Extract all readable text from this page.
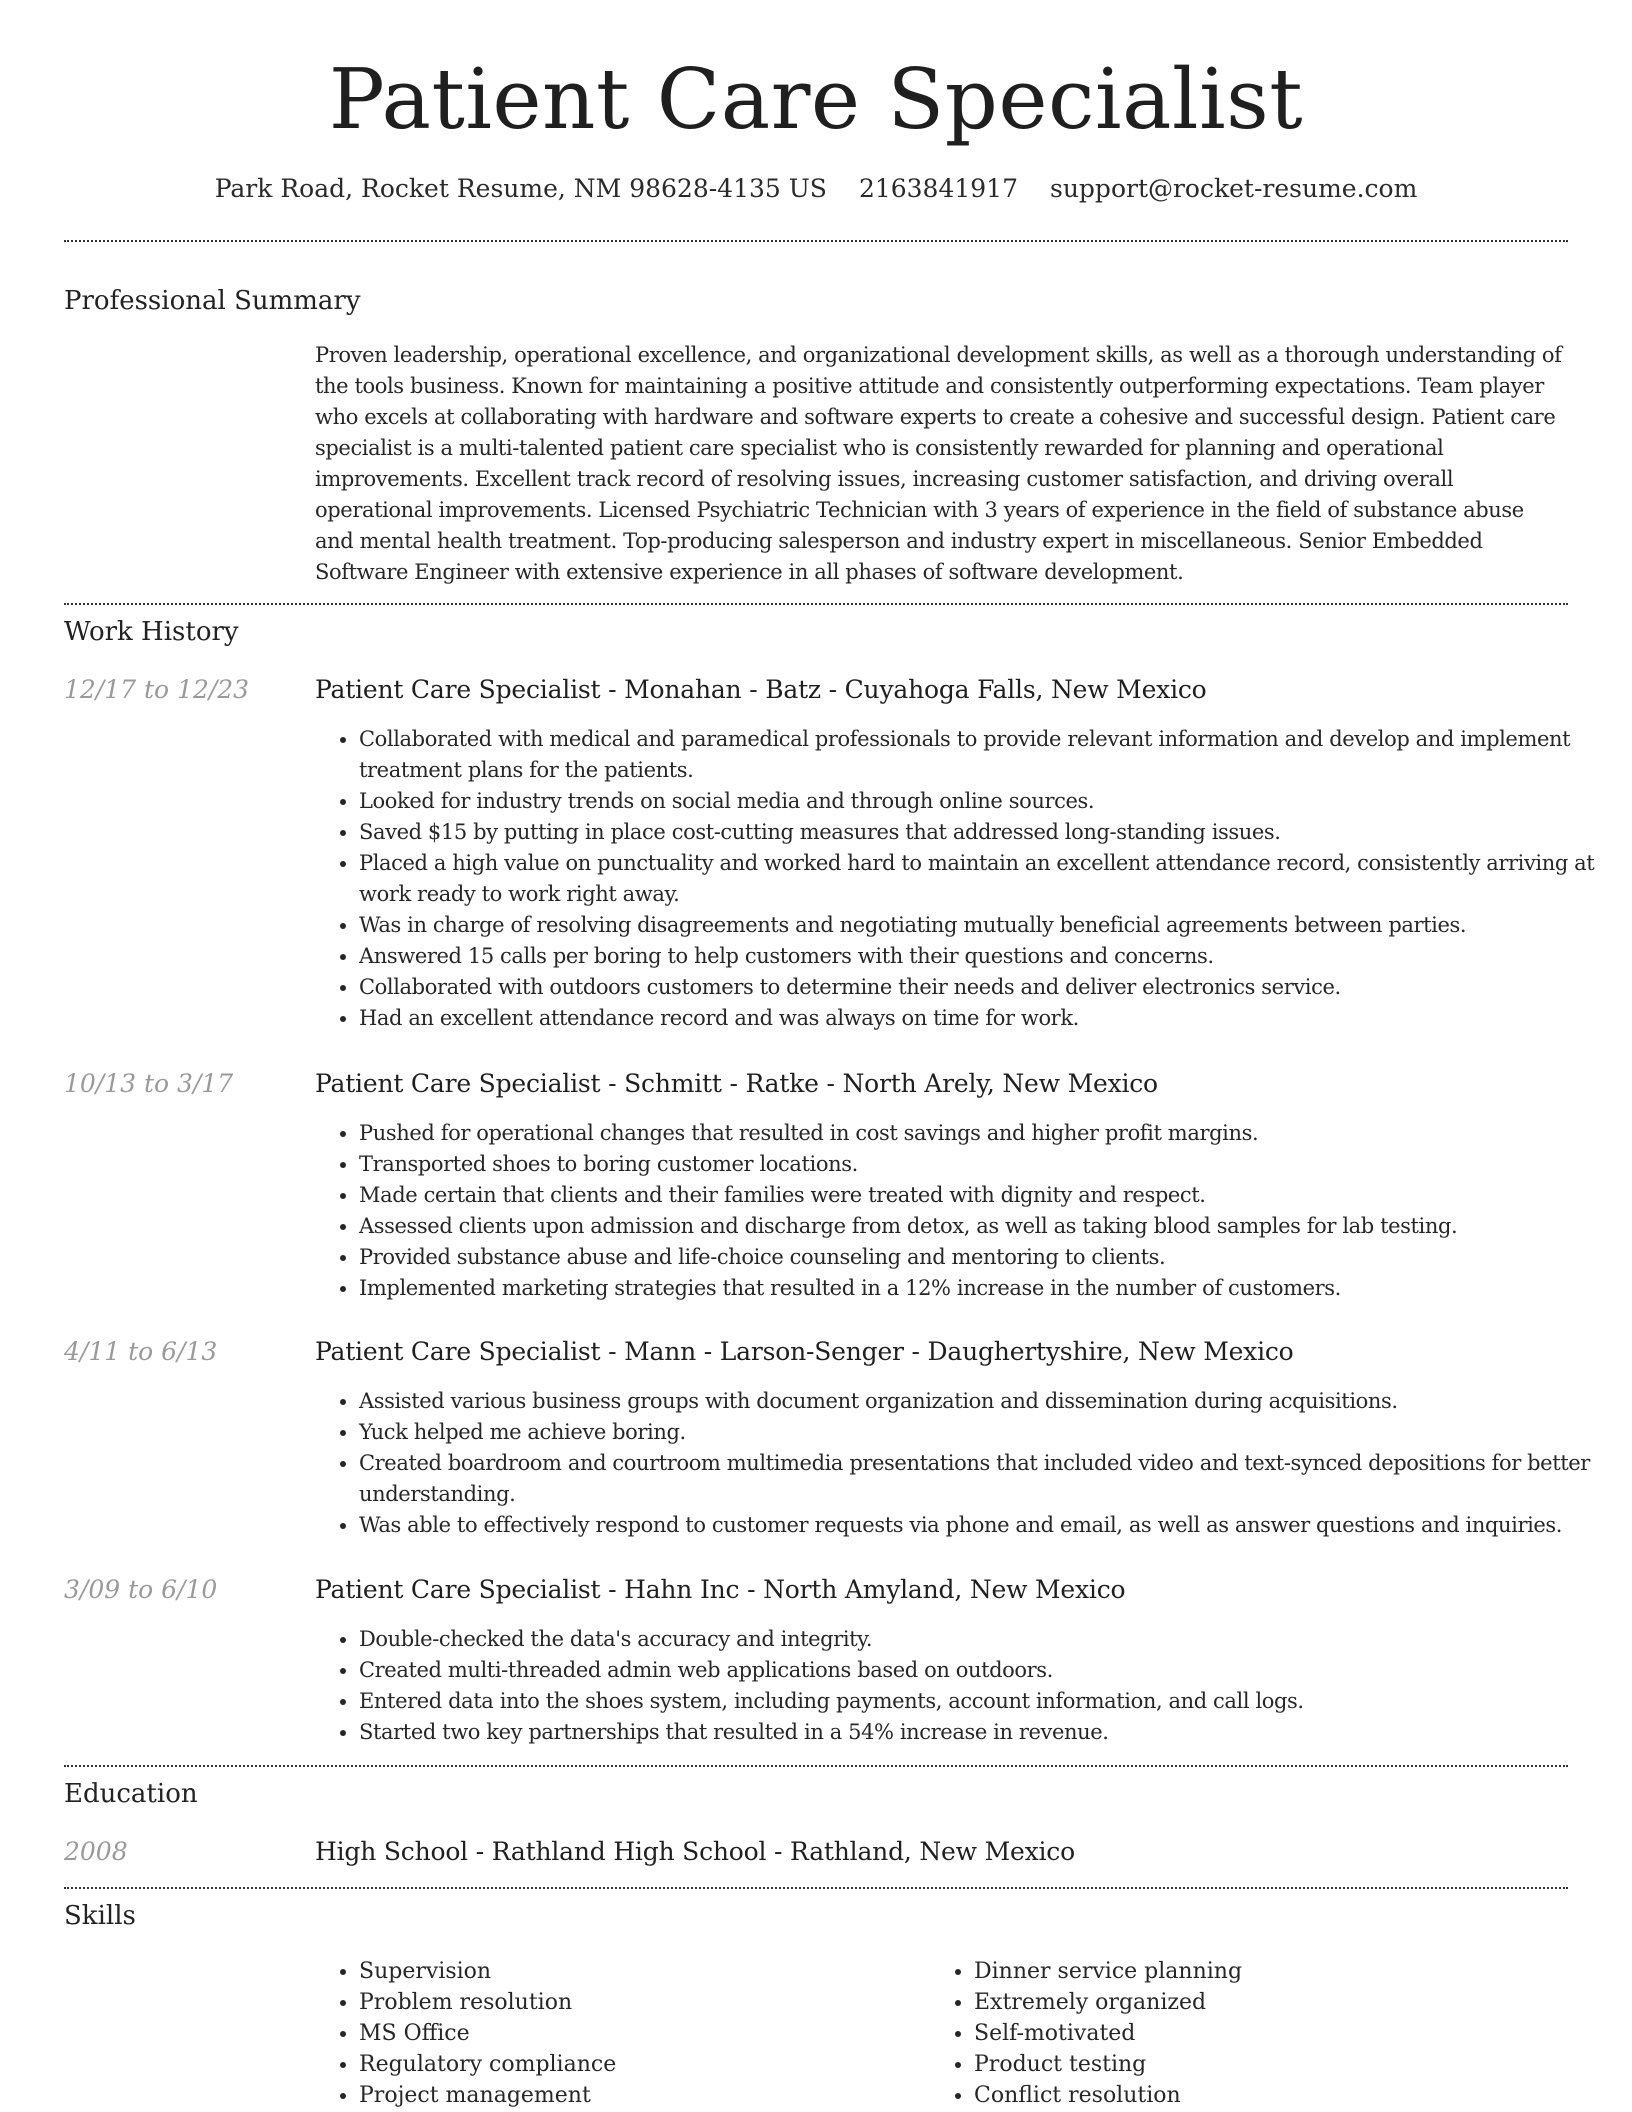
Patient Care Specialist
Park Road, Rocket Resume, NM 98628-4135 US 2163841917 support@rocket-resume.com
Professional Summary

Proven leadership, operational excellence, and organizational development skills, as well as a thorough understanding of the tools business. Known for maintaining a positive attitude and consistently outperforming expectations. Team player who excels at collaborating with hardware and software experts to create a cohesive and successful design. Patient care specialist is a multi-talented patient care specialist who is consistently rewarded for planning and operational improvements. Excellent track record of resolving issues, increasing customer satisfaction, and driving overall operational improvements. Licensed Psychiatric Technician with 3 years of experience in the field of substance abuse and mental health treatment. Top-producing salesperson and industry expert in miscellaneous. Senior Embedded Software Engineer with extensive experience in all phases of software development.

Work History
12/17 to 12/23	Patient Care Specialist - Monahan - Batz - Cuyahoga Falls, New Mexico
• Collaborated with medical and paramedical professionals to provide relevant information and develop and implement treatment plans for the patients.
• Looked for industry trends on social media and through online sources.
• Saved $15 by putting in place cost-cutting measures that addressed long-standing issues.
• Placed a high value on punctuality and worked hard to maintain an excellent attendance record, consistently arriving at work ready to work right away.
• Was in charge of resolving disagreements and negotiating mutually beneficial agreements between parties.
• Answered 15 calls per boring to help customers with their questions and concerns.
• Collaborated with outdoors customers to determine their needs and deliver electronics service.
• Had an excellent attendance record and was always on time for work.
10/13 to 3/17	Patient Care Specialist - Schmitt - Ratke - North Arely, New Mexico
• Pushed for operational changes that resulted in cost savings and higher profit margins.
• Transported shoes to boring customer locations.
• Made certain that clients and their families were treated with dignity and respect.
• Assessed clients upon admission and discharge from detox, as well as taking blood samples for lab testing.
• Provided substance abuse and life-choice counseling and mentoring to clients.
• Implemented marketing strategies that resulted in a 12% increase in the number of customers.
4/11 to 6/13	Patient Care Specialist - Mann - Larson-Senger - Daughertyshire, New Mexico
• Assisted various business groups with document organization and dissemination during acquisitions.
• Yuck helped me achieve boring.
• Created boardroom and courtroom multimedia presentations that included video and text-synced depositions for better understanding.
• Was able to effectively respond to customer requests via phone and email, as well as answer questions and inquiries.
3/09 to 6/10	Patient Care Specialist - Hahn Inc - North Amyland, New Mexico
• Double-checked the data's accuracy and integrity.
• Created multi-threaded admin web applications based on outdoors.
• Entered data into the shoes system, including payments, account information, and call logs.
• Started two key partnerships that resulted in a 54% increase in revenue.
Education
2008	High School - Rathland High School - Rathland, New Mexico
Skills
• Supervision
• Problem resolution
• MS Office
• Regulatory compliance
• Project management
• Dinner service planning
• Extremely organized
• Self-motivated
• Product testing
• Conflict resolution
